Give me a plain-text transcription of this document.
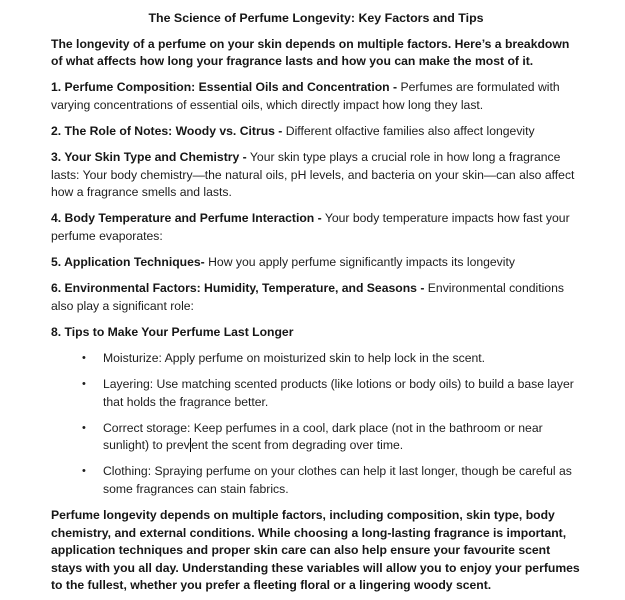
The Science of Perfume Longevity: Key Factors and Tips

The longevity of a perfume on your skin depends on multiple factors. Here’s a breakdown of what affects how long your fragrance lasts and how you can make the most of it.

1. Perfume Composition: Essential Oils and Concentration - Perfumes are formulated with varying concentrations of essential oils, which directly impact how long they last.

2. The Role of Notes: Woody vs. Citrus - Different olfactive families also affect longevity

3. Your Skin Type and Chemistry - Your skin type plays a crucial role in how long a fragrance lasts: Your body chemistry—the natural oils, pH levels, and bacteria on your skin—can also affect how a fragrance smells and lasts.

4. Body Temperature and Perfume Interaction - Your body temperature impacts how fast your perfume evaporates:

5. Application Techniques- How you apply perfume significantly impacts its longevity

6. Environmental Factors: Humidity, Temperature, and Seasons - Environmental conditions also play a significant role:

8. Tips to Make Your Perfume Last Longer

• Moisturize: Apply perfume on moisturized skin to help lock in the scent.
• Layering: Use matching scented products (like lotions or body oils) to build a base layer that holds the fragrance better.
• Correct storage: Keep perfumes in a cool, dark place (not in the bathroom or near sunlight) to prevent the scent from degrading over time.
• Clothing: Spraying perfume on your clothes can help it last longer, though be careful as some fragrances can stain fabrics.

Perfume longevity depends on multiple factors, including composition, skin type, body chemistry, and external conditions. While choosing a long-lasting fragrance is important, application techniques and proper skin care can also help ensure your favourite scent stays with you all day. Understanding these variables will allow you to enjoy your perfumes to the fullest, whether you prefer a fleeting floral or a lingering woody scent.
